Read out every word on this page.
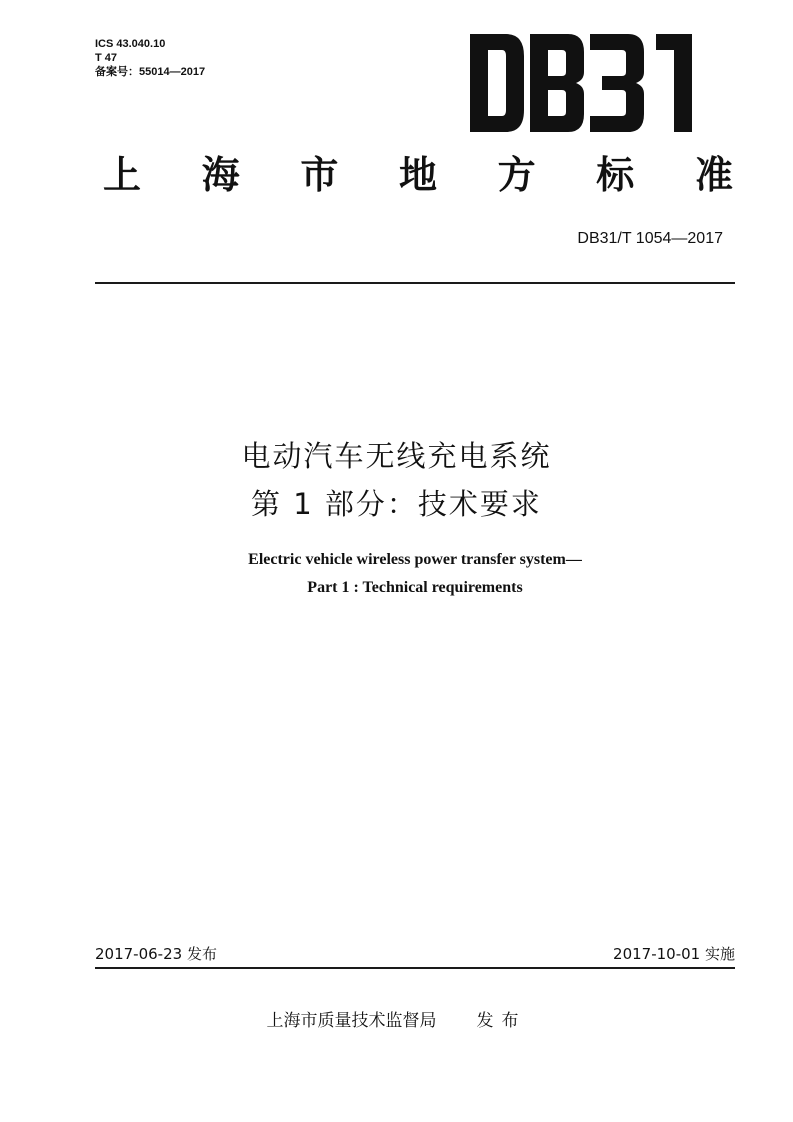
ICS 43.040.10
T 47
备案号：55014—2017
DB31
上 海 市 地 方 标 准
DB31/T 1054—2017
电动汽车无线充电系统
第 1 部分：技术要求
Electric vehicle wireless power transfer system—
Part 1 : Technical requirements
2017-06-23 发布	2017-10-01 实施
上海市质量技术监督局 发布
